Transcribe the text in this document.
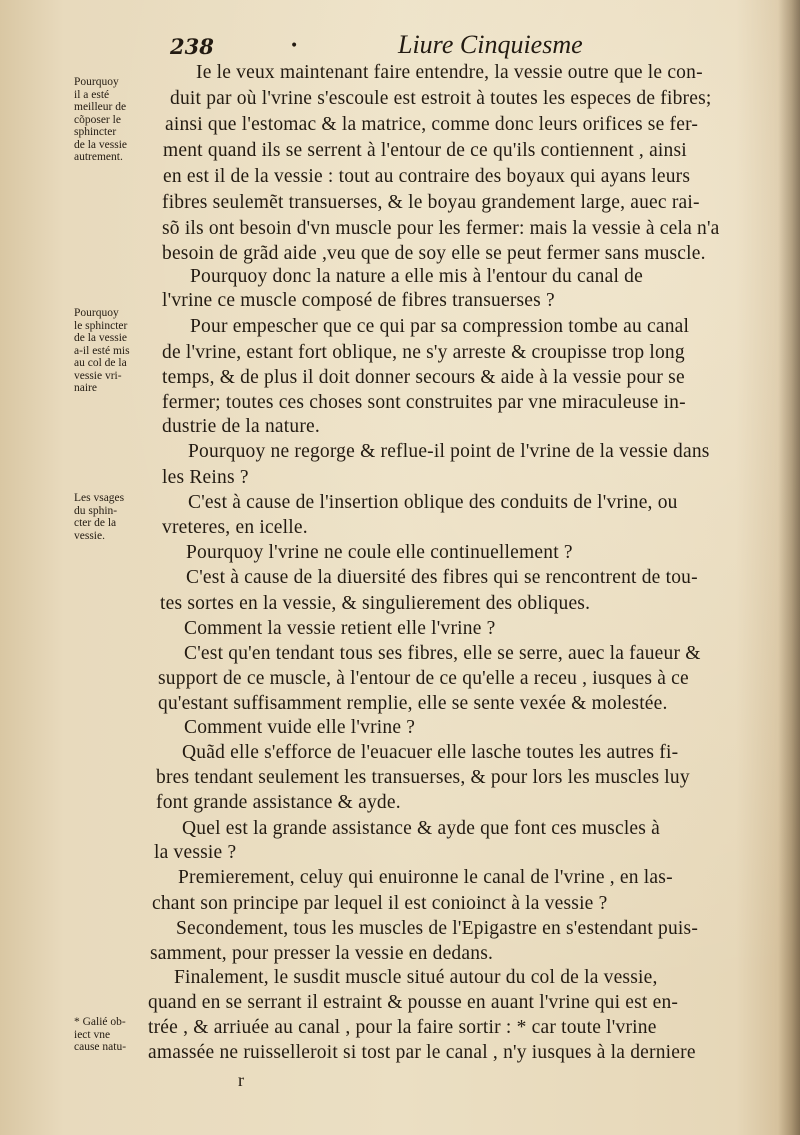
238	•	Liure Cinquiesme
Pourquoy
il a esté
meilleur de
cõposer le
sphincter
de la vessie
autrement.
Pourquoy
le sphincter
de la vessie
a-il esté mis
au col de la
vessie vri-
naire
Les vsages
du sphin-
cter de la
vessie.
* Galié ob-
iect vne
cause natu-
Ie le veux maintenant faire entendre, la vessie outre que le con-
duit par où l'vrine s'escoule est estroit à toutes les especes de fibres;
ainsi que l'estomac & la matrice, comme donc leurs orifices se fer-
ment quand ils se serrent à l'entour de ce qu'ils contiennent , ainsi
en est il de la vessie : tout au contraire des boyaux qui ayans leurs
fibres seulemẽt transuerses, & le boyau grandement large, auec rai-
sõ ils ont besoin d'vn muscle pour les fermer: mais la vessie à cela n'a
besoin de grãd aide ,veu que de soy elle se peut fermer sans muscle.
Pourquoy donc la nature a elle mis à l'entour du canal de
l'vrine ce muscle composé de fibres transuerses ?
Pour empescher que ce qui par sa compression tombe au canal
de l'vrine, estant fort oblique, ne s'y arreste & croupisse trop long
temps, & de plus il doit donner secours & aide à la vessie pour se
fermer; toutes ces choses sont construites par vne miraculeuse in-
dustrie de la nature.
Pourquoy ne regorge & reflue-il point de l'vrine de la vessie dans
les Reins ?
C'est à cause de l'insertion oblique des conduits de l'vrine, ou
vreteres, en icelle.
Pourquoy l'vrine ne coule elle continuellement ?
C'est à cause de la diuersité des fibres qui se rencontrent de tou-
tes sortes en la vessie, & singulierement des obliques.
Comment la vessie retient elle l'vrine ?
C'est qu'en tendant tous ses fibres, elle se serre, auec la faueur &
support de ce muscle, à l'entour de ce qu'elle a receu , iusques à ce
qu'estant suffisamment remplie, elle se sente vexée & molestée.
Comment vuide elle l'vrine ?
Quãd elle s'efforce de l'euacuer elle lasche toutes les autres fi-
bres tendant seulement les transuerses, & pour lors les muscles luy
font grande assistance & ayde.
Quel est la grande assistance & ayde que font ces muscles à
la vessie ?
Premierement, celuy qui enuironne le canal de l'vrine , en las-
chant son principe par lequel il est conioinct à la vessie ?
Secondement, tous les muscles de l'Epigastre en s'estendant puis-
samment, pour presser la vessie en dedans.
Finalement, le susdit muscle situé autour du col de la vessie,
quand en se serrant il estraint & pousse en auant l'vrine qui est en-
trée , & arriuée au canal , pour la faire sortir : * car toute l'vrine
amassée ne ruisselleroit si tost par le canal , n'y iusques à la derniere
r
